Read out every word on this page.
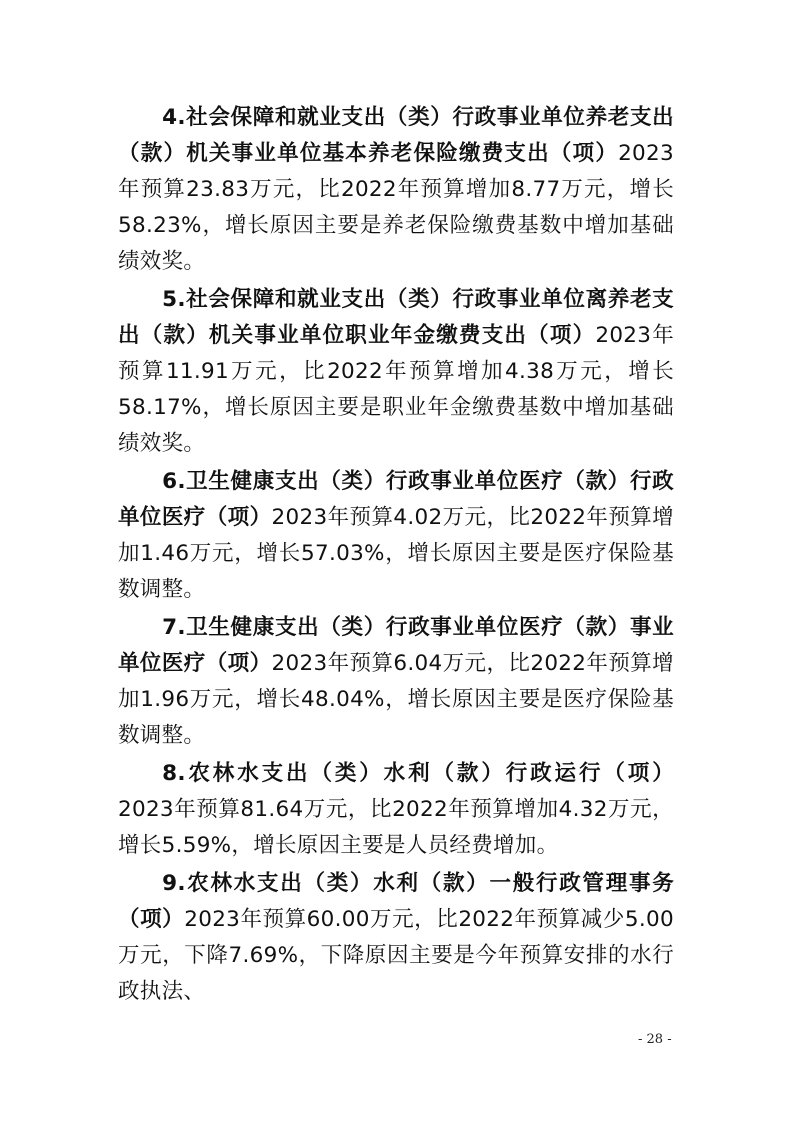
4.社会保障和就业支出（类）行政事业单位养老支出（款）机关事业单位基本养老保险缴费支出（项）2023年预算23.83万元，比2022年预算增加8.77万元，增长58.23%，增长原因主要是养老保险缴费基数中增加基础绩效奖。

5.社会保障和就业支出（类）行政事业单位离养老支出（款）机关事业单位职业年金缴费支出（项）2023年预算11.91万元，比2022年预算增加4.38万元，增长58.17%，增长原因主要是职业年金缴费基数中增加基础绩效奖。

6.卫生健康支出（类）行政事业单位医疗（款）行政单位医疗（项）2023年预算4.02万元，比2022年预算增加1.46万元，增长57.03%，增长原因主要是医疗保险基数调整。

7.卫生健康支出（类）行政事业单位医疗（款）事业单位医疗（项）2023年预算6.04万元，比2022年预算增加1.96万元，增长48.04%，增长原因主要是医疗保险基数调整。

8.农林水支出（类）水利（款）行政运行（项）2023年预算81.64万元，比2022年预算增加4.32万元，增长5.59%，增长原因主要是人员经费增加。

9.农林水支出（类）水利（款）一般行政管理事务（项）2023年预算60.00万元，比2022年预算减少5.00万元，下降7.69%，下降原因主要是今年预算安排的水行政执法、

- 28 -
